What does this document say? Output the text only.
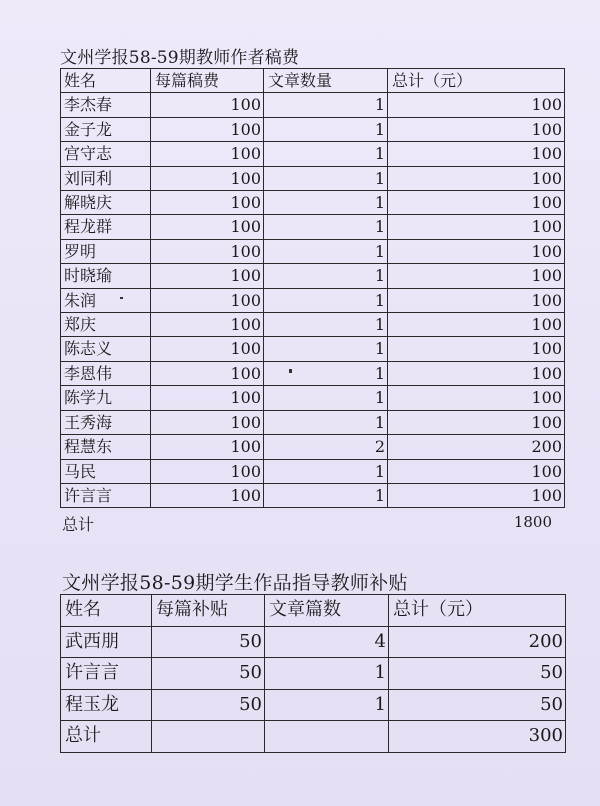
文州学报58-59期教师作者稿费
姓名	每篇稿费	文章数量	总计（元）
李杰春	100	1	100
金子龙	100	1	100
宫守志	100	1	100
刘同利	100	1	100
解晓庆	100	1	100
程龙群	100	1	100
罗明	100	1	100
时晓瑜	100	1	100
朱润	100	1	100
郑庆	100	1	100
陈志义	100	1	100
李恩伟	100	1	100
陈学九	100	1	100
王秀海	100	1	100
程慧东	100	2	200
马民	100	1	100
许言言	100	1	100
总计	1800
文州学报58-59期学生作品指导教师补贴
姓名	每篇补贴	文章篇数	总计（元）
武西朋	50	4	200
许言言	50	1	50
程玉龙	50	1	50
总计			300
